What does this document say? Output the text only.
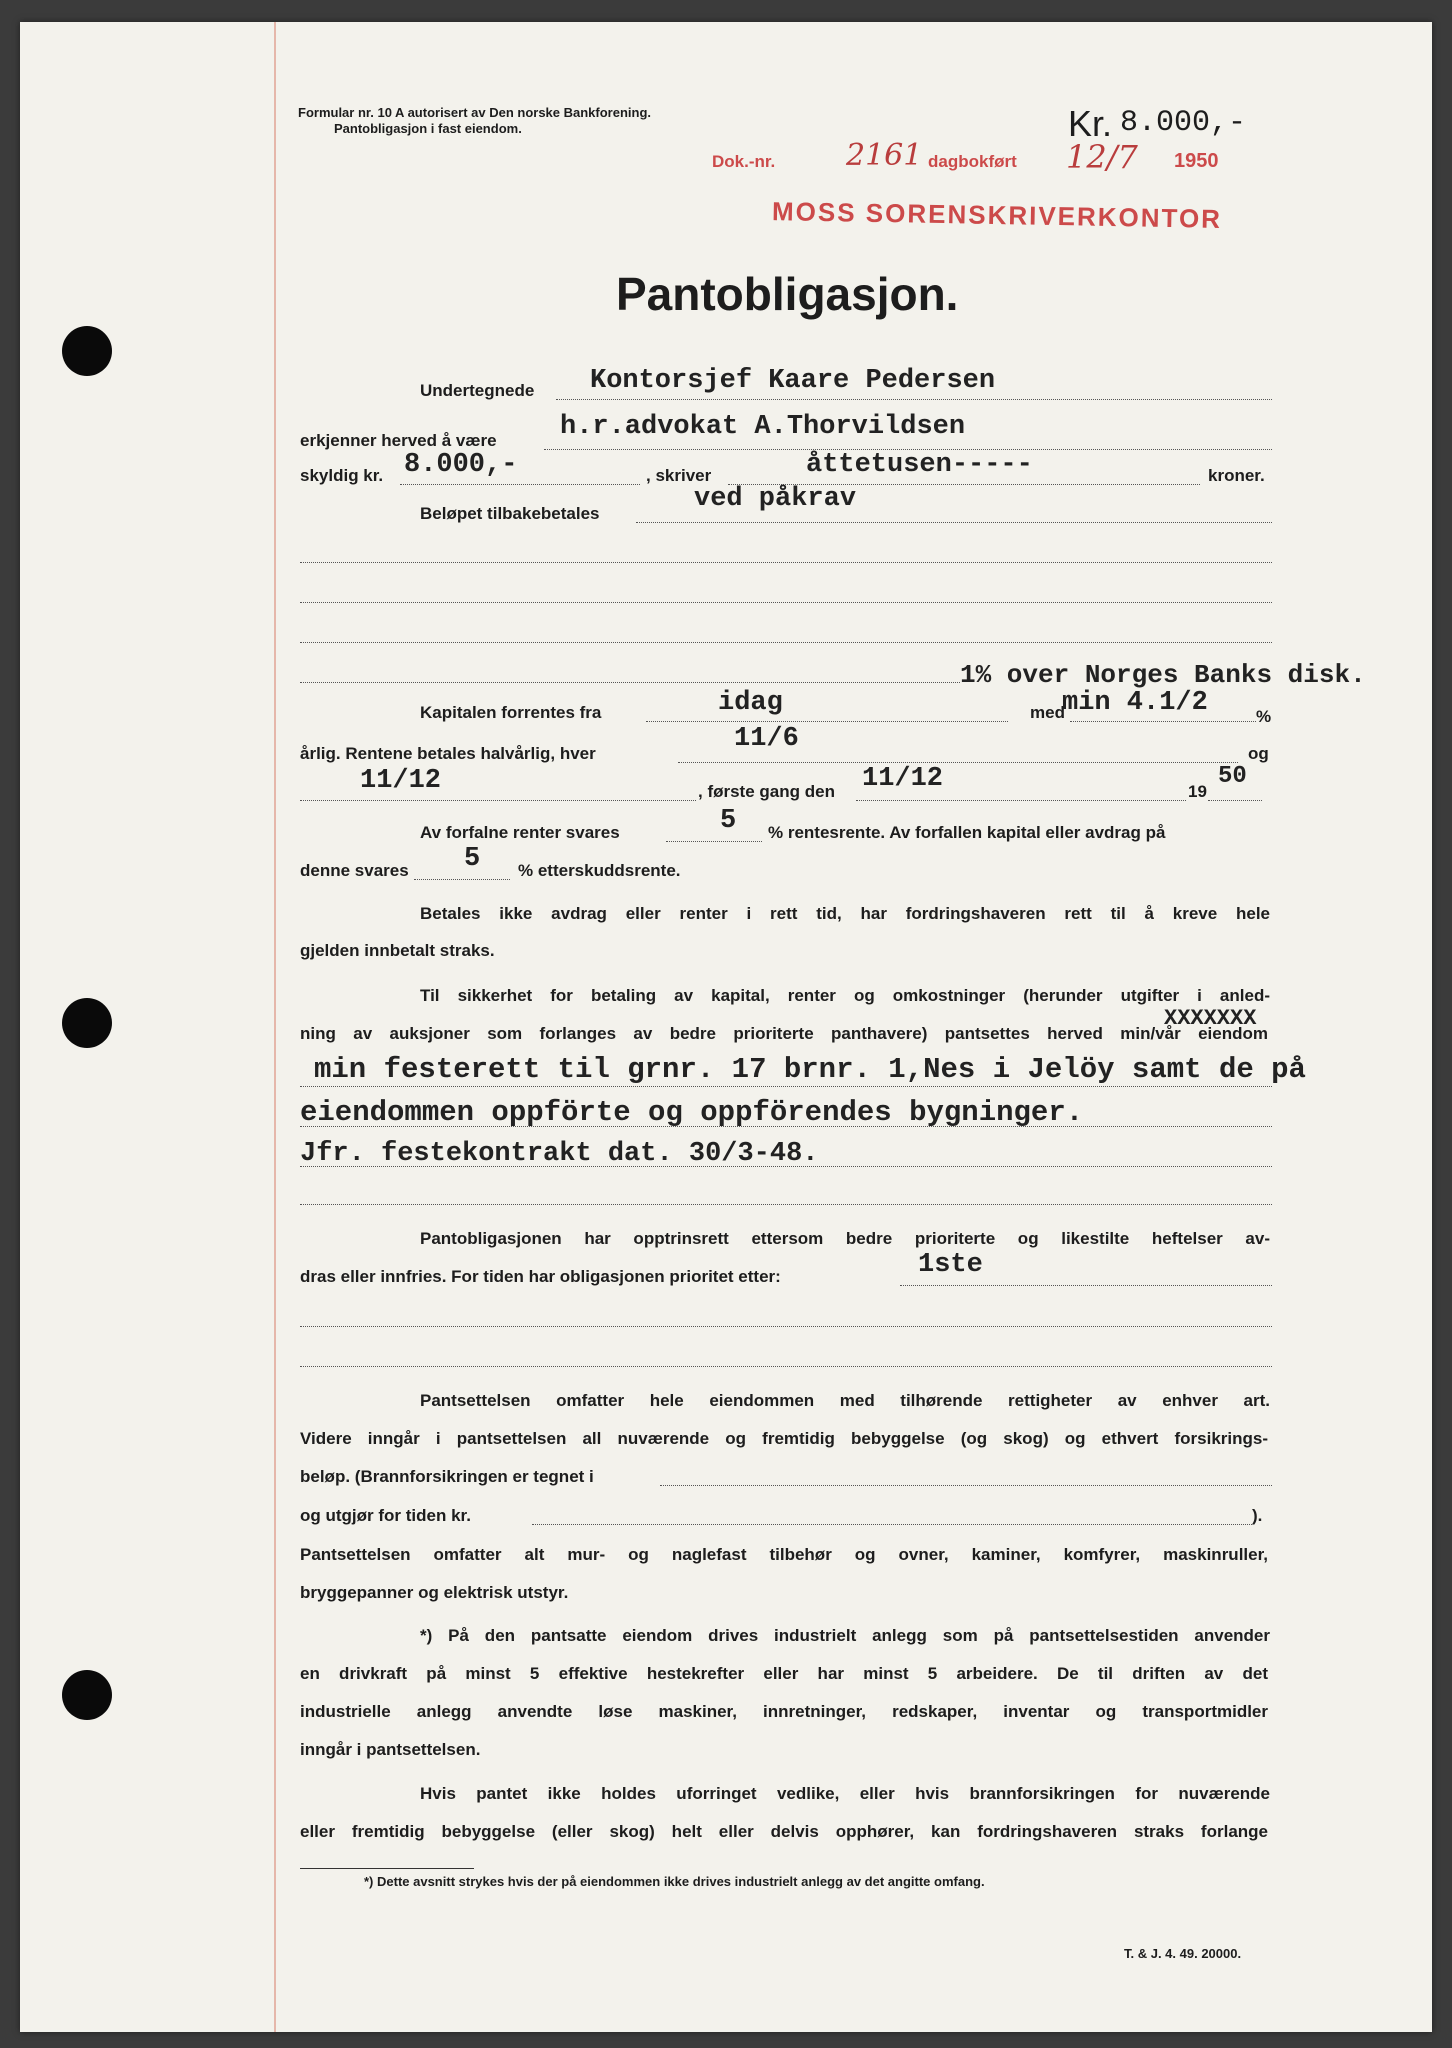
Formular nr. 10 A autorisert av Den norske Bankforening.
Pantobligasjon i fast eiendom.	Kr. 8.000,-
Dok.-nr. 2161 dagbokført 12/7 1950
MOSS SORENSKRIVERKONTOR
Pantobligasjon.
Undertegnede Kontorsjef Kaare Pedersen
erkjenner herved å være h.r.advokat A.Thorvildsen
skyldig kr. 8.000,-	, skriver	åttetusen-----	kroner.
Beløpet tilbakebetales	ved påkrav
1% over Norges Banks disk.
Kapitalen forrentes fra	idag	med
min 4.1/2	%
årlig. Rentene betales halvårlig, hver	11/6	og
11/12	, første gang den 11/12	19
50
Av forfalne renter svares	5 % rentesrente. Av forfallen kapital eller avdrag på
denne svares 5 % etterskuddsrente.
Betales ikke avdrag eller renter i rett tid, har fordringshaveren rett til å kreve hele
gjelden innbetalt straks.
Til sikkerhet for betaling av kapital, renter og omkostninger (herunder utgifter i anled-
ning av auksjoner som forlanges av bedre prioriterte panthavere) pantsettes herved min/vår eiendom
XXXXXXX
min festerett til grnr. 17 brnr. 1,Nes i Jelöy samt de på
eiendommen oppförte og oppförendes bygninger.
Jfr. festekontrakt dat. 30/3-48.
Pantobligasjonen har opptrinsrett ettersom bedre prioriterte og likestilte heftelser av-
dras eller innfries. For tiden har obligasjonen prioritet etter:	1ste
Pantsettelsen omfatter hele eiendommen med tilhørende rettigheter av enhver art.
Videre inngår i pantsettelsen all nuværende og fremtidig bebyggelse (og skog) og ethvert forsikrings-
beløp. (Brannforsikringen er tegnet i
og utgjør for tiden kr.	).
Pantsettelsen omfatter alt mur- og naglefast tilbehør og ovner, kaminer, komfyrer, maskinruller,
bryggepanner og elektrisk utstyr.
*) På den pantsatte eiendom drives industrielt anlegg som på pantsettelsestiden anvender
en drivkraft på minst 5 effektive hestekrefter eller har minst 5 arbeidere. De til driften av det
industrielle anlegg anvendte løse maskiner, innretninger, redskaper, inventar og transportmidler
inngår i pantsettelsen.
Hvis pantet ikke holdes uforringet vedlike, eller hvis brannforsikringen for nuværende
eller fremtidig bebyggelse (eller skog) helt eller delvis opphører, kan fordringshaveren straks forlange
*) Dette avsnitt strykes hvis der på eiendommen ikke drives industrielt anlegg av det angitte omfang.
T. & J. 4. 49. 20000.
